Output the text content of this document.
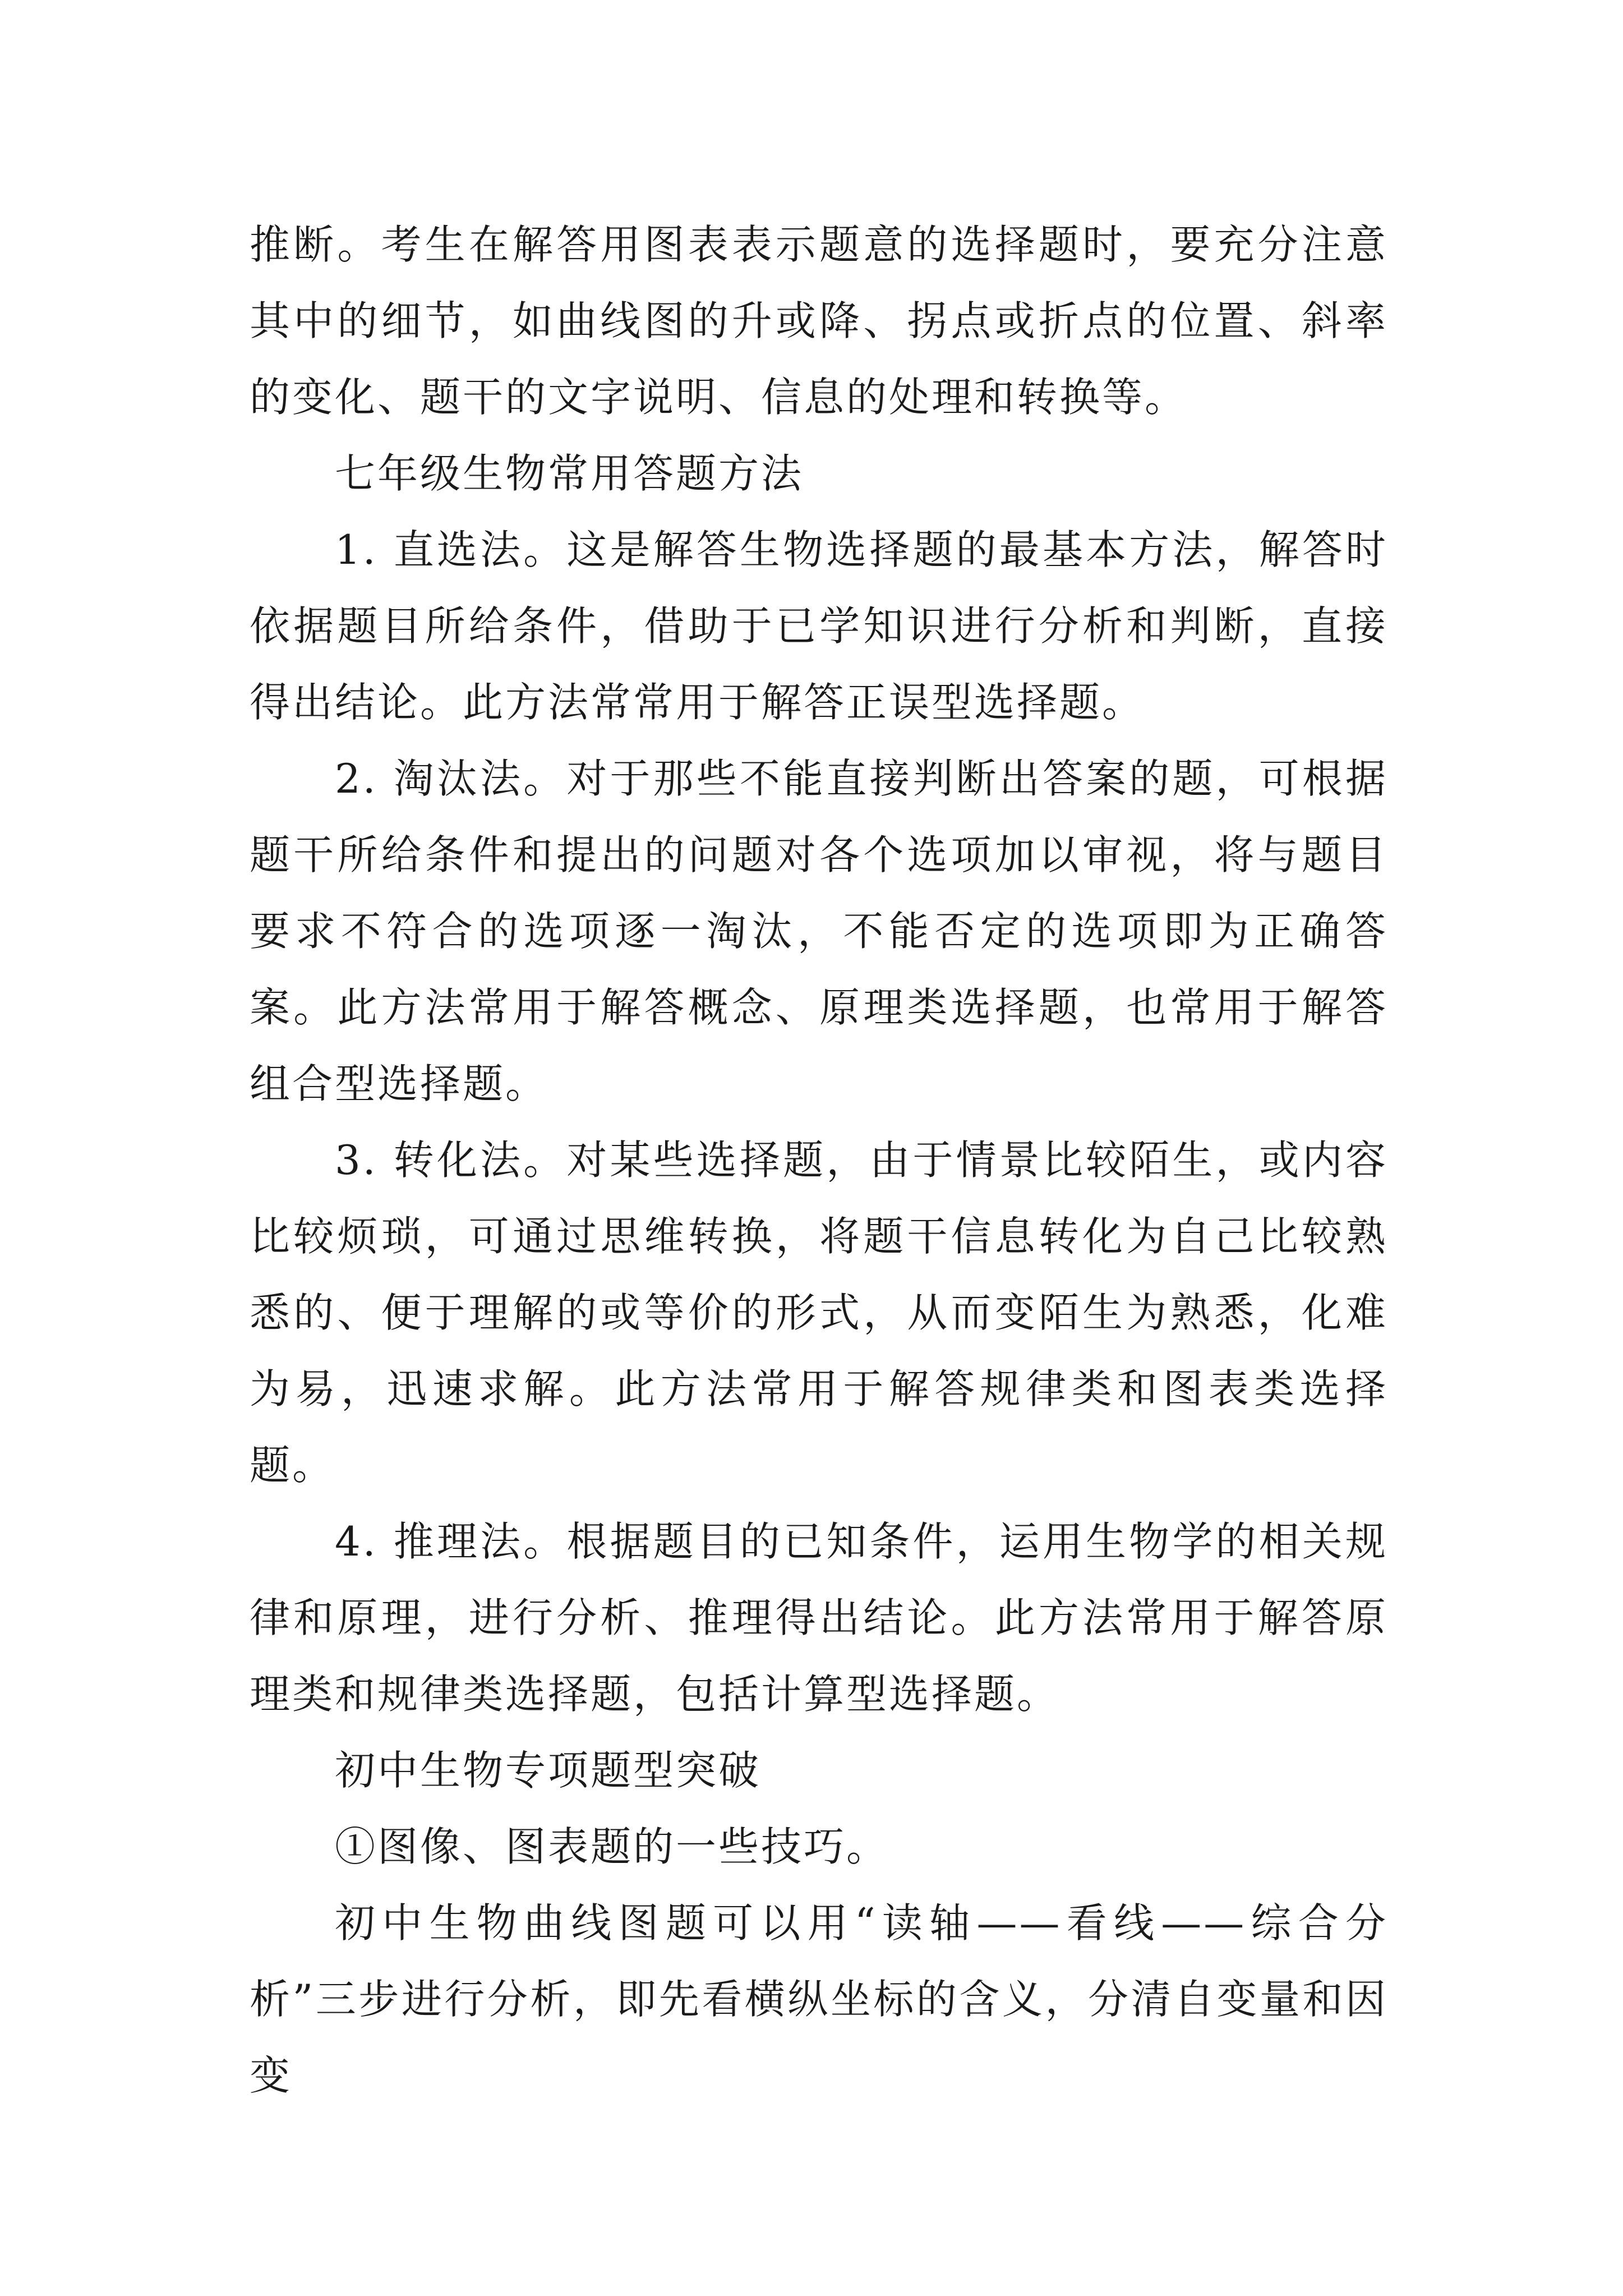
推断。考生在解答用图表表示题意的选择题时，要充分注意其中的细节，如曲线图的升或降、拐点或折点的位置、斜率的变化、题干的文字说明、信息的处理和转换等。

七年级生物常用答题方法

1. 直选法。这是解答生物选择题的最基本方法，解答时依据题目所给条件，借助于已学知识进行分析和判断，直接得出结论。此方法常常用于解答正误型选择题。

2. 淘汰法。对于那些不能直接判断出答案的题，可根据题干所给条件和提出的问题对各个选项加以审视，将与题目要求不符合的选项逐一淘汰，不能否定的选项即为正确答案。此方法常用于解答概念、原理类选择题，也常用于解答组合型选择题。

3. 转化法。对某些选择题，由于情景比较陌生，或内容比较烦琐，可通过思维转换，将题干信息转化为自己比较熟悉的、便于理解的或等价的形式，从而变陌生为熟悉，化难为易，迅速求解。此方法常用于解答规律类和图表类选择题。

4. 推理法。根据题目的已知条件，运用生物学的相关规律和原理，进行分析、推理得出结论。此方法常用于解答原理类和规律类选择题，包括计算型选择题。

初中生物专项题型突破

①图像、图表题的一些技巧。

初中生物曲线图题可以用“读轴——看线——综合分析”三步进行分析，即先看横纵坐标的含义，分清自变量和因变
